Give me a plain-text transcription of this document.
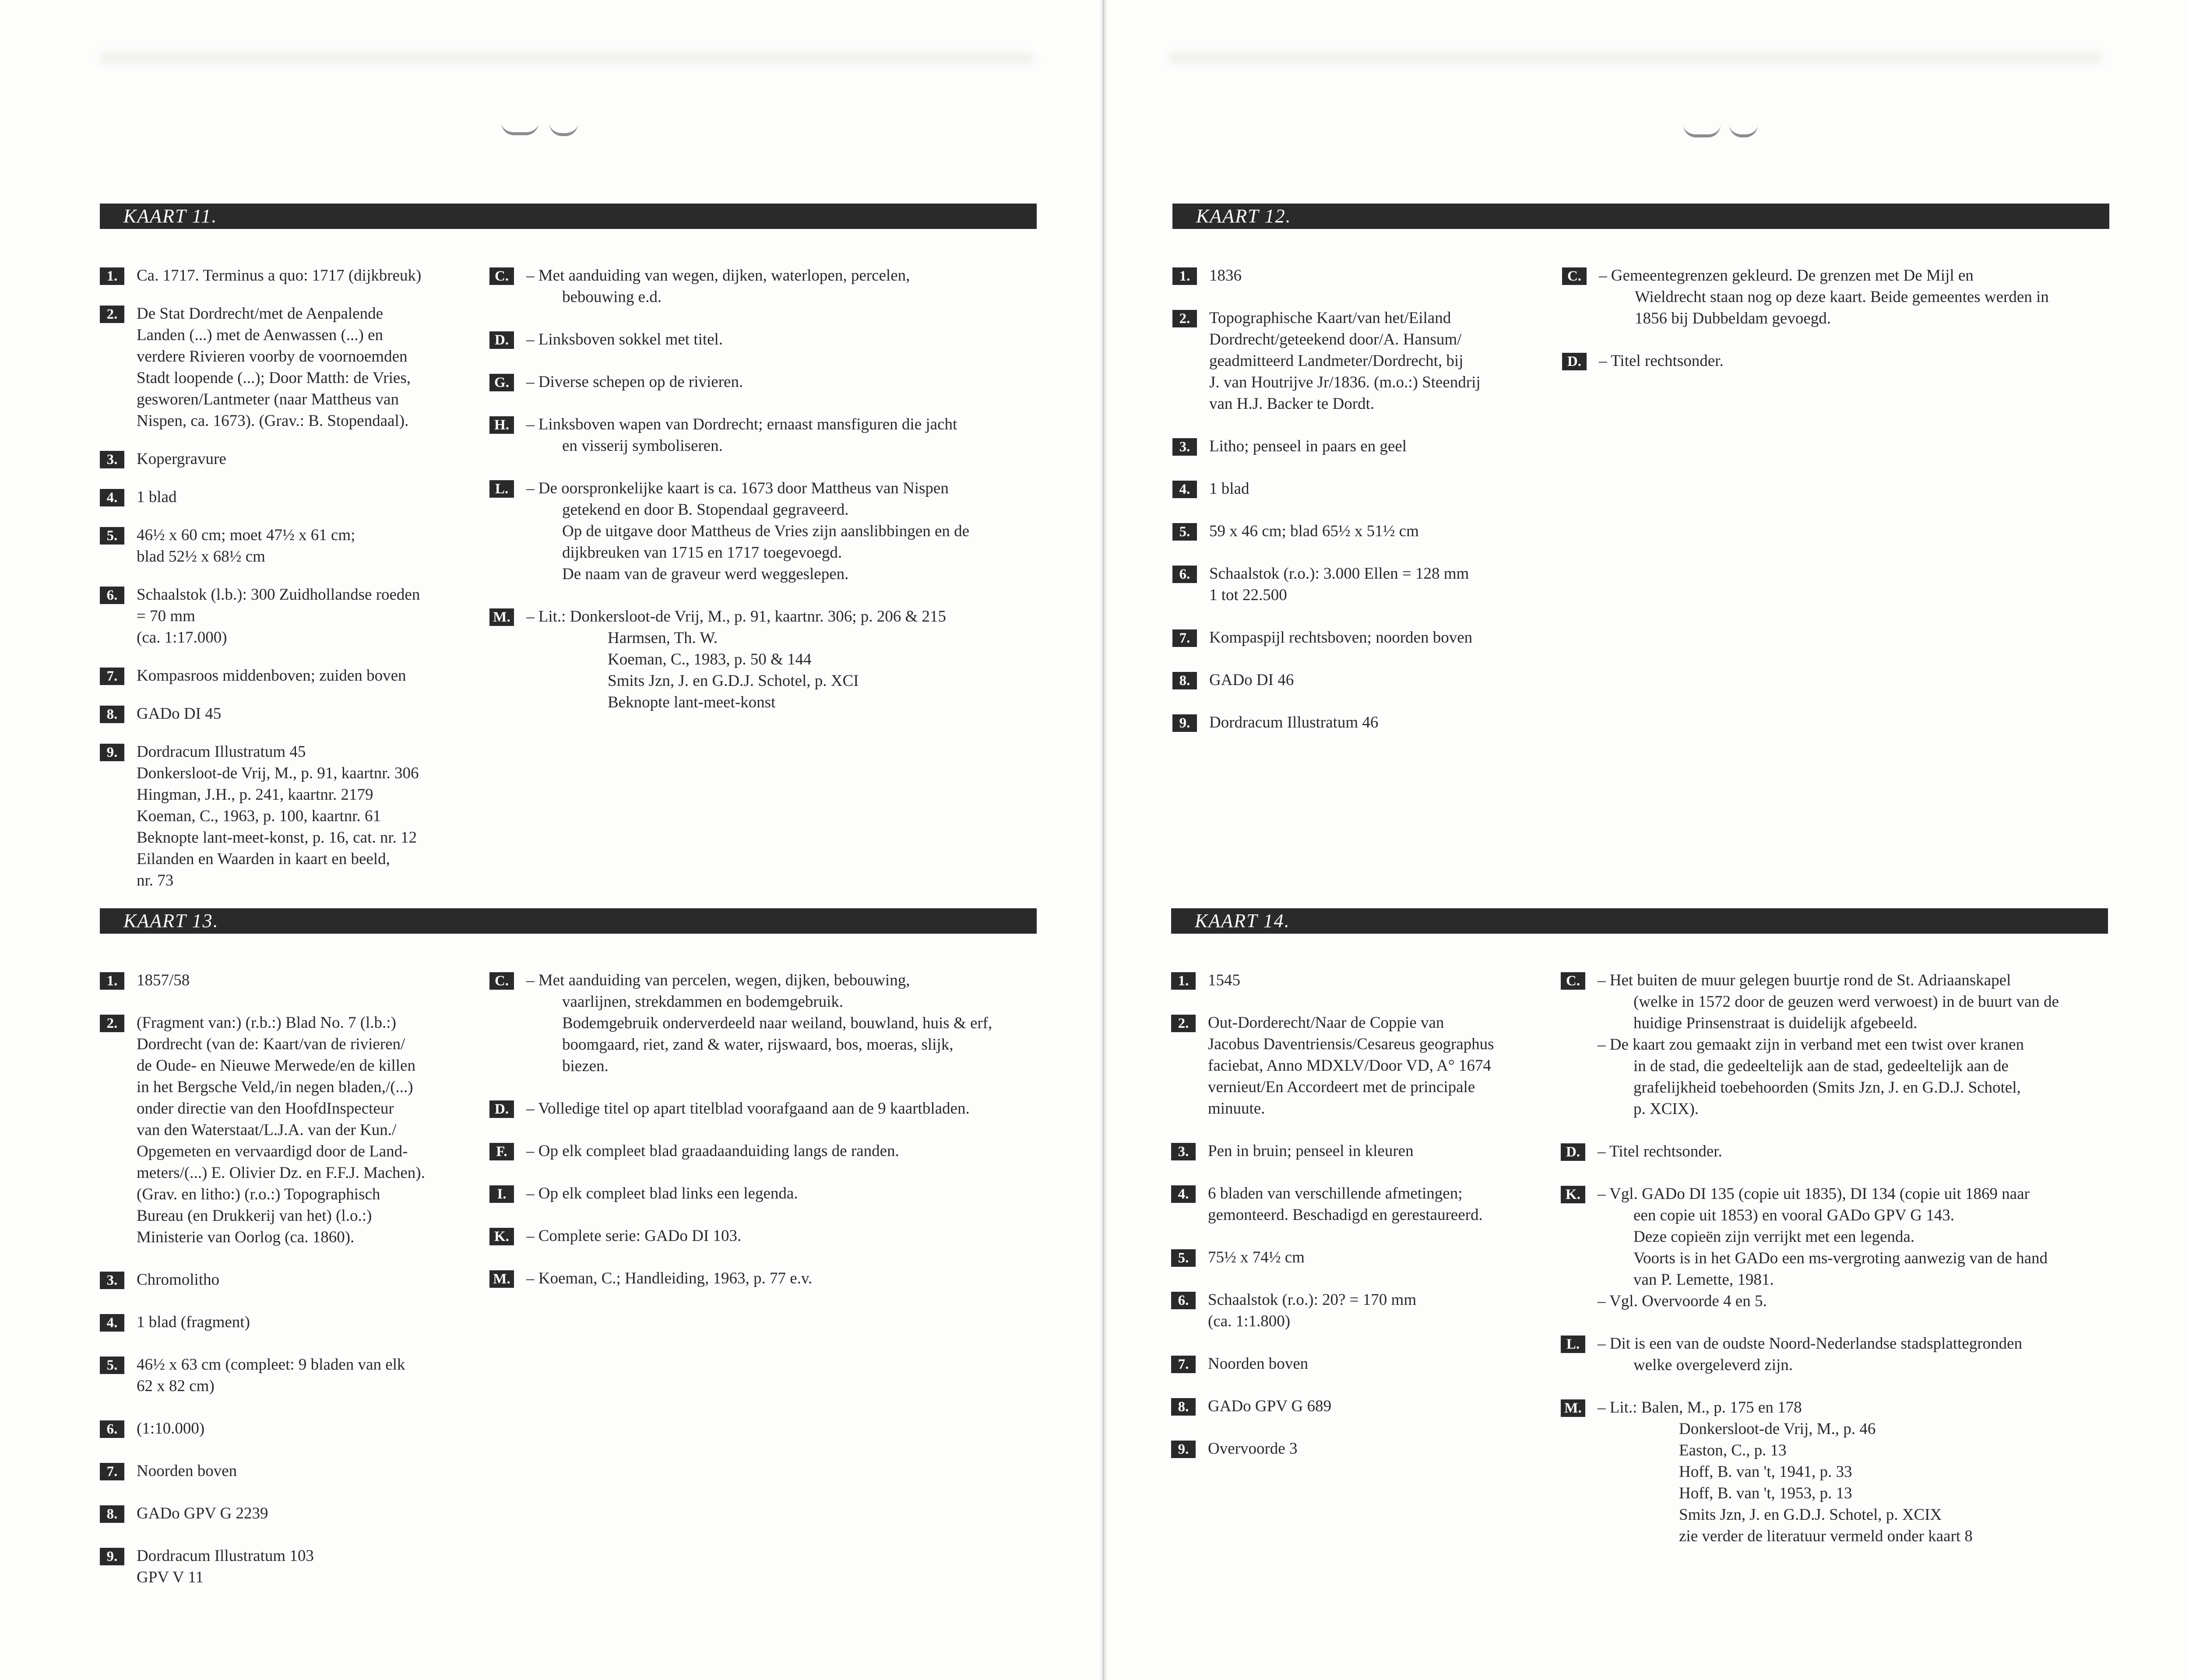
KAART 11.
1.	Ca. 1717. Terminus a quo: 1717 (dijkbreuk)
2.	De Stat Dordrecht/met de Aenpalende
Landen (...) met de Aenwassen (...) en
verdere Rivieren voorby de voornoemden
Stadt loopende (...); Door Matth: de Vries,
gesworen/Lantmeter (naar Mattheus van
Nispen, ca. 1673). (Grav.: B. Stopendaal).
3.	Kopergravure
4.	1 blad
5.	46½ x 60 cm; moet 47½ x 61 cm;
blad 52½ x 68½ cm
6.	Schaalstok (l.b.): 300 Zuidhollandse roeden
= 70 mm
(ca. 1:17.000)
7.	Kompasroos middenboven; zuiden boven
8.	GADo DI 45
9.	Dordracum Illustratum 45
Donkersloot-de Vrij, M., p. 91, kaartnr. 306
Hingman, J.H., p. 241, kaartnr. 2179
Koeman, C., 1963, p. 100, kaartnr. 61
Beknopte lant-meet-konst, p. 16, cat. nr. 12
Eilanden en Waarden in kaart en beeld,
nr. 73
C.	– Met aanduiding van wegen, dijken, waterlopen, percelen,
bebouwing e.d.
D.	– Linksboven sokkel met titel.
G. – Diverse schepen op de rivieren.
H. – Linksboven wapen van Dordrecht; ernaast mansfiguren die jacht
en visserij symboliseren.
L.	– De oorspronkelijke kaart is ca. 1673 door Mattheus van Nispen
getekend en door B. Stopendaal gegraveerd.
Op de uitgave door Mattheus de Vries zijn aanslibbingen en de
dijkbreuken van 1715 en 1717 toegevoegd.
De naam van de graveur werd weggeslepen.
M. – Lit.: Donkersloot-de Vrij, M., p. 91, kaartnr. 306; p. 206 & 215
Harmsen, Th. W.
Koeman, C., 1983, p. 50 & 144
Smits Jzn, J. en G.D.J. Schotel, p. XCI
Beknopte lant-meet-konst
KAART 12.
1.	1836
2.	Topographische Kaart/van het/Eiland
Dordrecht/geteekend door/A. Hansum/
geadmitteerd Landmeter/Dordrecht, bij
J. van Houtrijve Jr/1836. (m.o.:) Steendrij
van H.J. Backer te Dordt.
3.	Litho; penseel in paars en geel
4.	1 blad
5.	59 x 46 cm; blad 65½ x 51½ cm
6.	Schaalstok (r.o.): 3.000 Ellen = 128 mm
1 tot 22.500
7.	Kompaspijl rechtsboven; noorden boven
8.	GADo DI 46
9.	Dordracum Illustratum 46
C.	– Gemeentegrenzen gekleurd. De grenzen met De Mijl en
Wieldrecht staan nog op deze kaart. Beide gemeentes werden in
1856 bij Dubbeldam gevoegd.
D.	– Titel rechtsonder.
KAART 13.
1.	1857/58
2.	(Fragment van:) (r.b.:) Blad No. 7 (l.b.:)
Dordrecht (van de: Kaart/van de rivieren/
de Oude- en Nieuwe Merwede/en de killen
in het Bergsche Veld,/in negen bladen,/(...)
onder directie van den HoofdInspecteur
van den Waterstaat/L.J.A. van der Kun./
Opgemeten en vervaardigd door de Land-
meters/(...) E. Olivier Dz. en F.F.J. Machen).
(Grav. en litho:) (r.o.:) Topographisch
Bureau (en Drukkerij van het) (l.o.:)
Ministerie van Oorlog (ca. 1860).
3.	Chromolitho
4.	1 blad (fragment)
5.	46½ x 63 cm (compleet: 9 bladen van elk
62 x 82 cm)
6.	(1:10.000)
7.	Noorden boven
8.	GADo GPV G 2239
9.	Dordracum Illustratum 103
GPV V 11
C.	– Met aanduiding van percelen, wegen, dijken, bebouwing,
vaarlijnen, strekdammen en bodemgebruik.
Bodemgebruik onderverdeeld naar weiland, bouwland, huis & erf,
boomgaard, riet, zand & water, rijswaard, bos, moeras, slijk,
biezen.
D.	– Volledige titel op apart titelblad voorafgaand aan de 9 kaartbladen.
F.	– Op elk compleet blad graadaanduiding langs de randen.
I.	– Op elk compleet blad links een legenda.
K. – Complete serie: GADo DI 103.
M. – Koeman, C.; Handleiding, 1963, p. 77 e.v.
KAART 14.
1.	1545
2.	Out-Dorderecht/Naar de Coppie van
Jacobus Daventriensis/Cesareus geographus
faciebat, Anno MDXLV/Door VD, A° 1674
vernieut/En Accordeert met de principale
minuute.
3.	Pen in bruin; penseel in kleuren
4.	6 bladen van verschillende afmetingen;
gemonteerd. Beschadigd en gerestaureerd.
5.	75½ x 74½ cm
6.	Schaalstok (r.o.): 20? = 170 mm
(ca. 1:1.800)
7.	Noorden boven
8.	GADo GPV G 689
9.	Overvoorde 3
C.	– Het buiten de muur gelegen buurtje rond de St. Adriaanskapel
(welke in 1572 door de geuzen werd verwoest) in de buurt van de
huidige Prinsenstraat is duidelijk afgebeeld.
– De kaart zou gemaakt zijn in verband met een twist over kranen
in de stad, die gedeeltelijk aan de stad, gedeeltelijk aan de
grafelijkheid toebehoorden (Smits Jzn, J. en G.D.J. Schotel,
p. XCIX).
D.	– Titel rechtsonder.
K. – Vgl. GADo DI 135 (copie uit 1835), DI 134 (copie uit 1869 naar
een copie uit 1853) en vooral GADo GPV G 143.
Deze copieën zijn verrijkt met een legenda.
Voorts is in het GADo een ms-vergroting aanwezig van de hand
van P. Lemette, 1981.
– Vgl. Overvoorde 4 en 5.
L.	– Dit is een van de oudste Noord-Nederlandse stadsplattegronden
welke overgeleverd zijn.
M. – Lit.: Balen, M., p. 175 en 178
Donkersloot-de Vrij, M., p. 46
Easton, C., p. 13
Hoff, B. van 't, 1941, p. 33
Hoff, B. van 't, 1953, p. 13
Smits Jzn, J. en G.D.J. Schotel, p. XCIX
zie verder de literatuur vermeld onder kaart 8
